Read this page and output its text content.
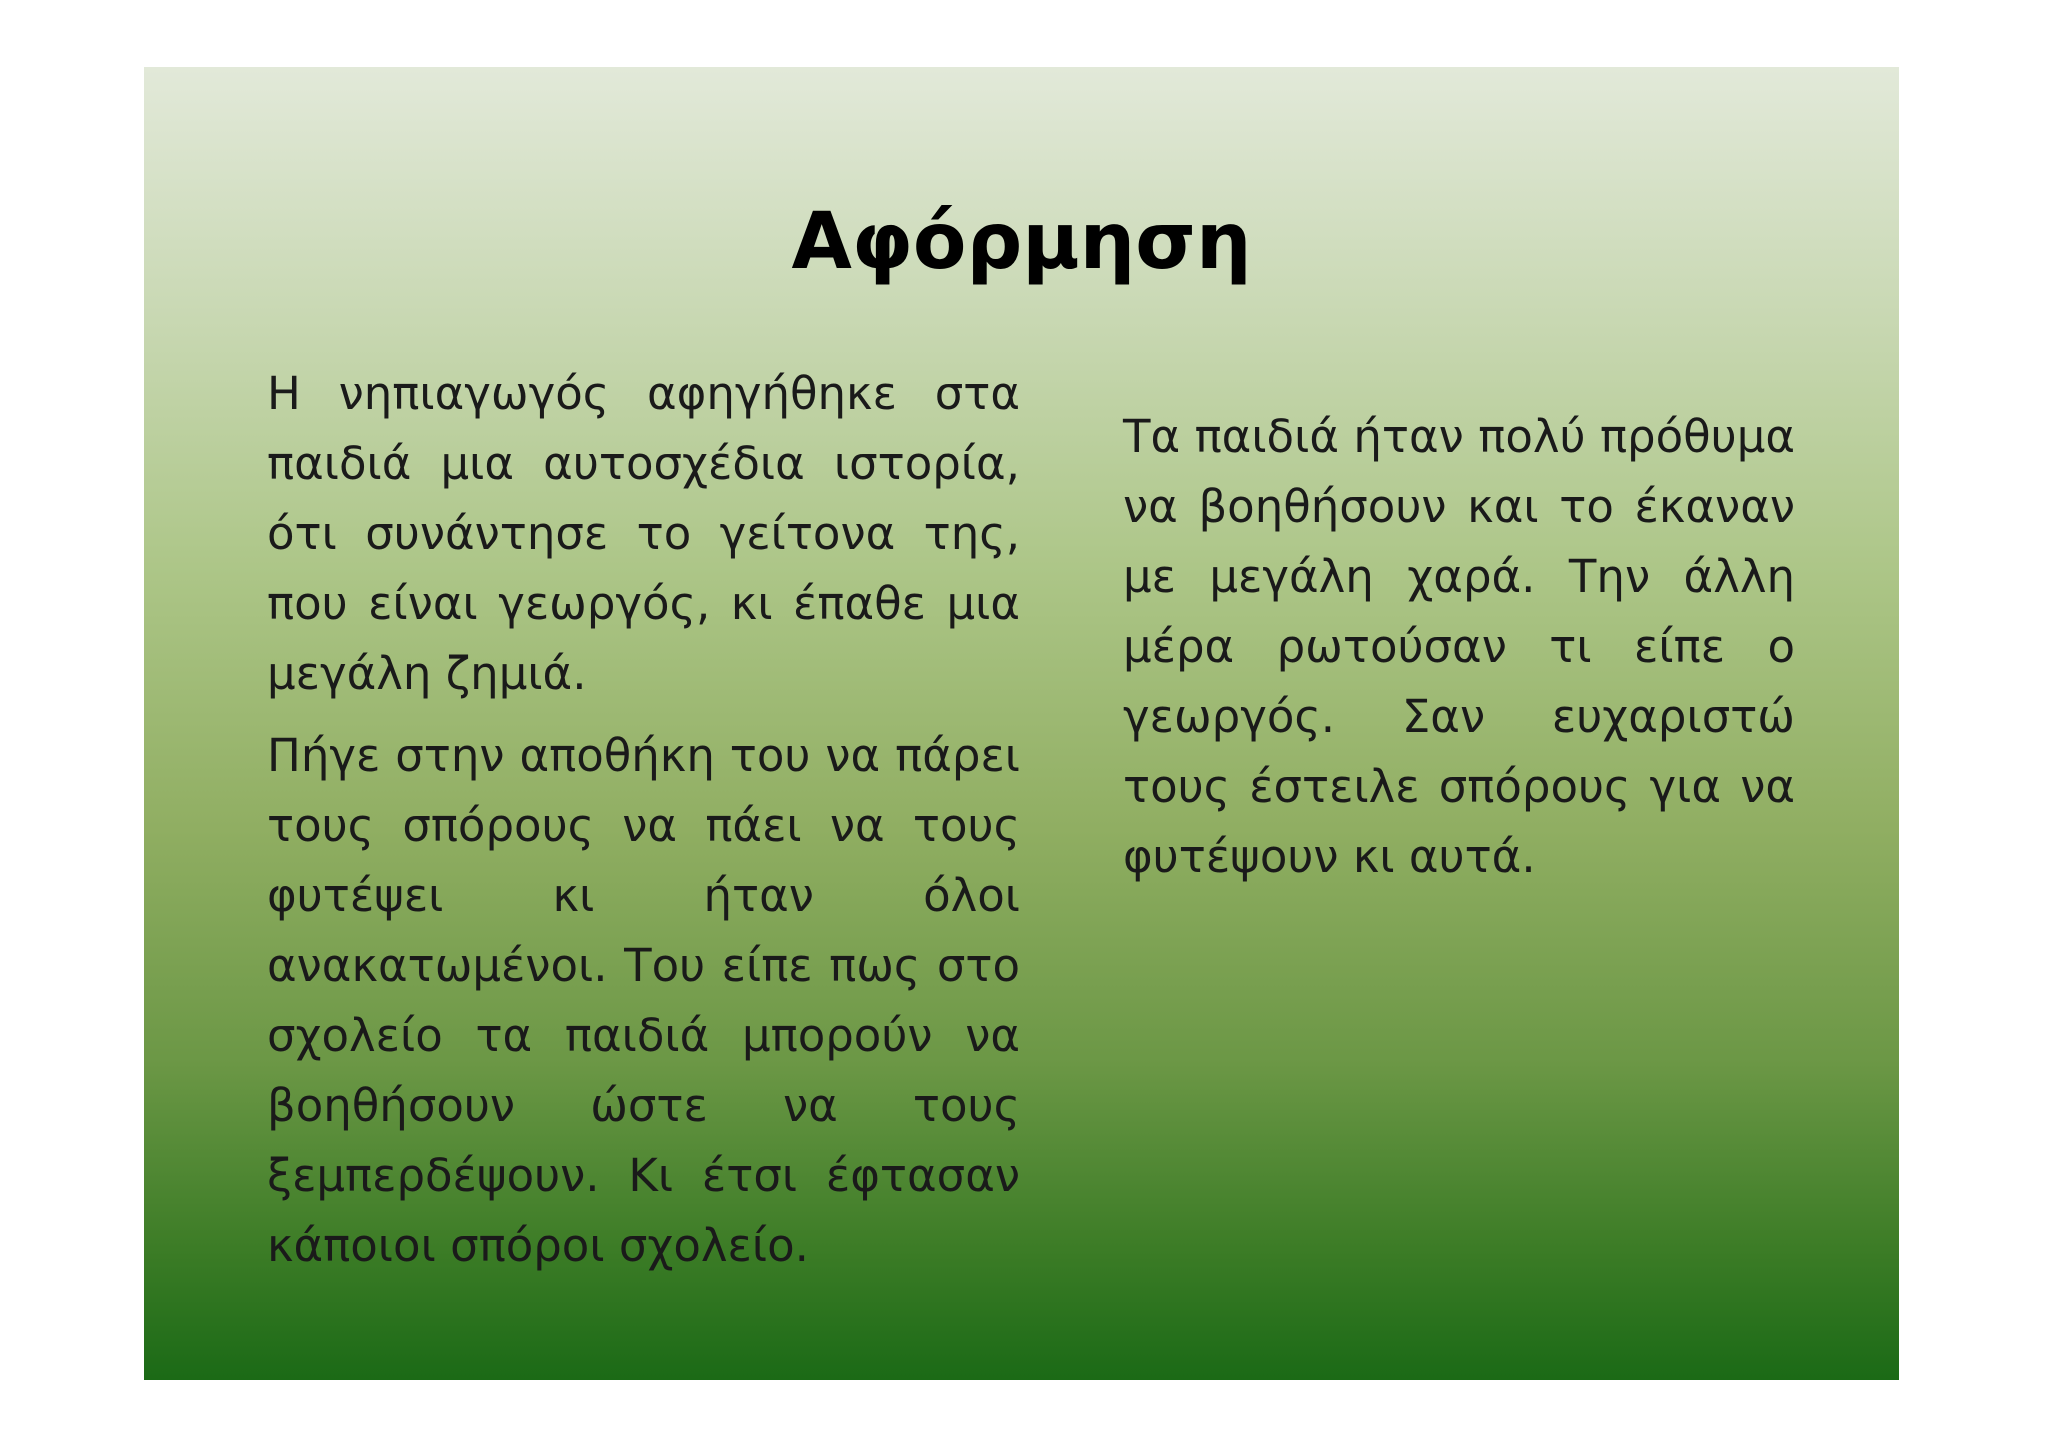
Αφόρμηση

Η νηπιαγωγός αφηγήθηκε στα παιδιά μια αυτοσχέδια ιστορία, ότι συνάντησε το γείτονα της, που είναι γεωργός, κι έπαθε μια μεγάλη ζημιά.

Πήγε στην αποθήκη του να πάρει τους σπόρους να πάει να τους φυτέψει κι ήταν όλοι ανακατωμένοι. Του είπε πως στο σχολείο τα παιδιά μπορούν να βοηθήσουν ώστε να τους ξεμπερδέψουν. Κι έτσι έφτασαν κάποιοι σπόροι σχολείο.

Τα παιδιά ήταν πολύ πρόθυμα να βοηθήσουν και το έκαναν με μεγάλη χαρά. Την άλλη μέρα ρωτούσαν τι είπε ο γεωργός. Σαν ευχαριστώ τους έστειλε σπόρους για να φυτέψουν κι αυτά.
